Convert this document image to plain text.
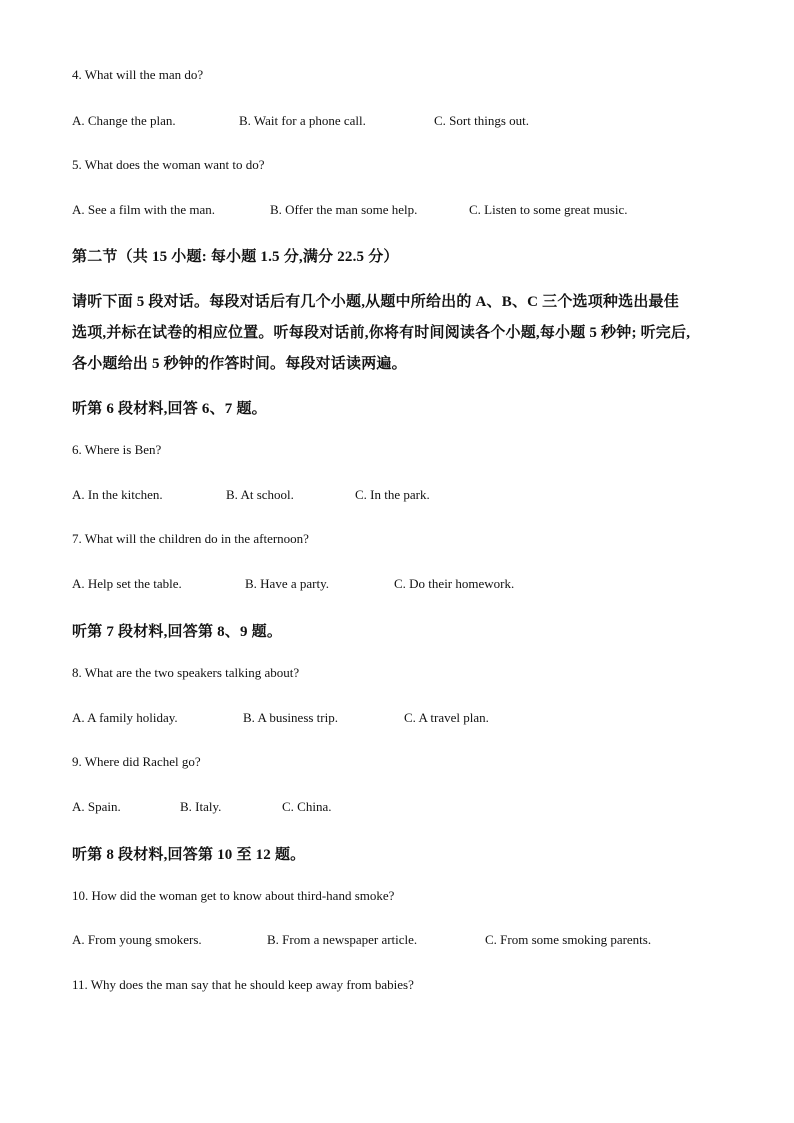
4. What will the man do?
A. Change the plan.	B. Wait for a phone call.	C. Sort things out.
5. What does the woman want to do?
A. See a film with the man.	B. Offer the man some help.	C. Listen to some great music.
第二节（共 15 小题: 每小题 1.5 分,满分 22.5 分）
请听下面 5 段对话。每段对话后有几个小题,从题中所给出的 A、B、C 三个选项种选出最佳
选项,并标在试卷的相应位置。听每段对话前,你将有时间阅读各个小题,每小题 5 秒钟; 听完后,
各小题给出 5 秒钟的作答时间。每段对话读两遍。
听第 6 段材料,回答 6、7 题。
6. Where is Ben?
A. In the kitchen.	B. At school.	C. In the park.
7. What will the children do in the afternoon?
A. Help set the table.	B. Have a party.	C. Do their homework.
听第 7 段材料,回答第 8、9 题。
8. What are the two speakers talking about?
A. A family holiday.	B. A business trip.	C. A travel plan.
9. Where did Rachel go?
A. Spain.	B. Italy.	C. China.
听第 8 段材料,回答第 10 至 12 题。
10. How did the woman get to know about third-hand smoke?
A. From young smokers.	B. From a newspaper article.	C. From some smoking parents.
11. Why does the man say that he should keep away from babies?
